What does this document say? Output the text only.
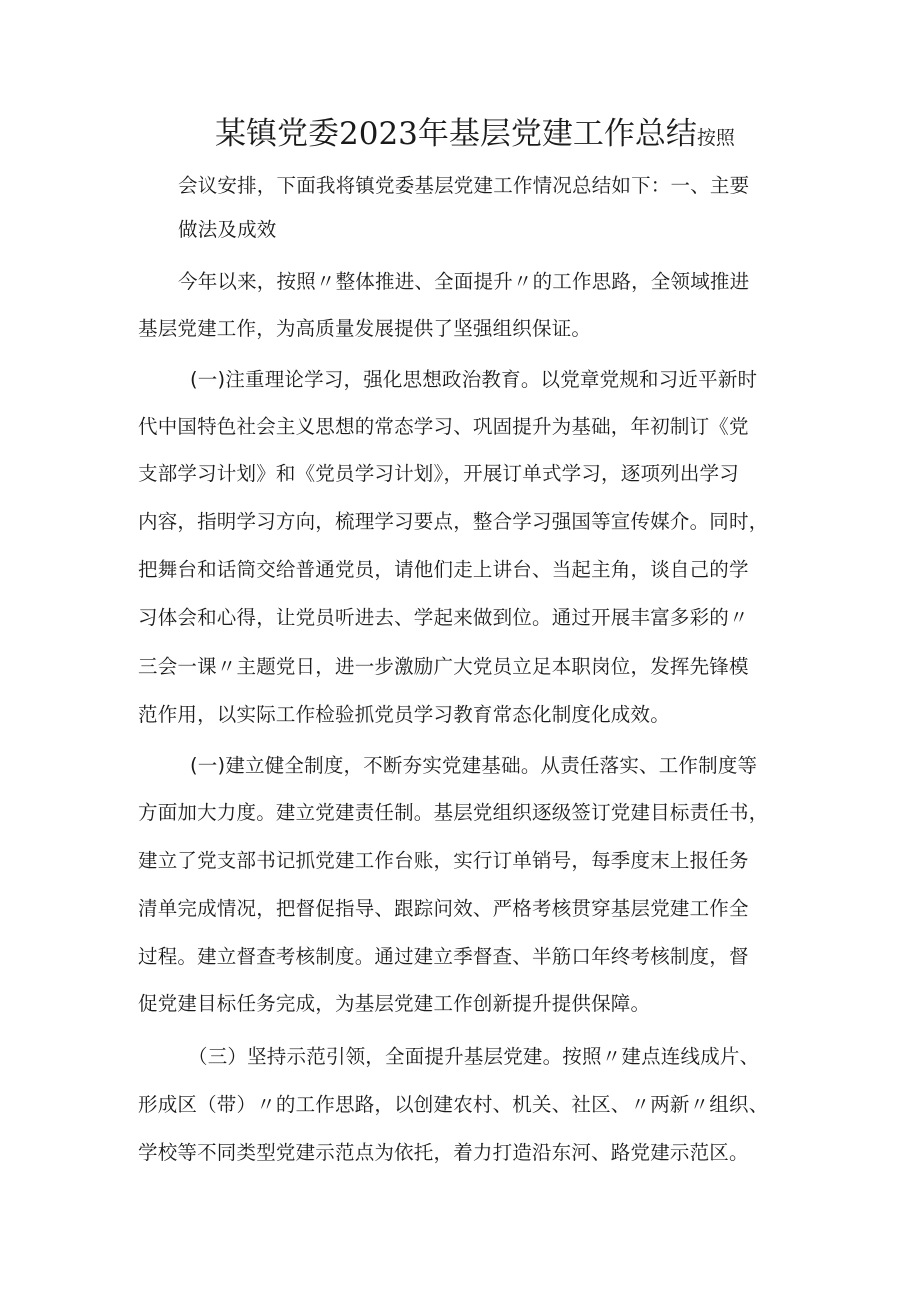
某镇党委2023年基层党建工作总结按照
会议安排，下面我将镇党委基层党建工作情况总结如下：一、主要
做法及成效
今年以来，按照〃整体推进、全面提升〃的工作思路，全领域推进
基层党建工作，为高质量发展提供了坚强组织保证。
(一)注重理论学习，强化思想政治教育。以党章党规和习近平新时
代中国特色社会主义思想的常态学习、巩固提升为基础，年初制订《党
支部学习计划》和《党员学习计划》，开展订单式学习，逐项列出学习
内容，指明学习方向，梳理学习要点，整合学习强国等宣传媒介。同时，
把舞台和话筒交给普通党员，请他们走上讲台、当起主角，谈自己的学
习体会和心得，让党员听进去、学起来做到位。通过开展丰富多彩的〃
三会一课〃主题党日，进一步激励广大党员立足本职岗位，发挥先锋模
范作用，以实际工作检验抓党员学习教育常态化制度化成效。
(一)建立健全制度，不断夯实党建基础。从责任落实、工作制度等
方面加大力度。建立党建责任制。基层党组织逐级签订党建目标责任书，
建立了党支部书记抓党建工作台账，实行订单销号，每季度末上报任务
清单完成情况，把督促指导、跟踪问效、严格考核贯穿基层党建工作全
过程。建立督查考核制度。通过建立季督查、半筋口年终考核制度，督
促党建目标任务完成，为基层党建工作创新提升提供保障。
（三）坚持示范引领，全面提升基层党建。按照〃建点连线成片、
形成区（带）〃的工作思路，以创建农村、机关、社区、〃两新〃组织、
学校等不同类型党建示范点为依托，着力打造沿东河、路党建示范区。
